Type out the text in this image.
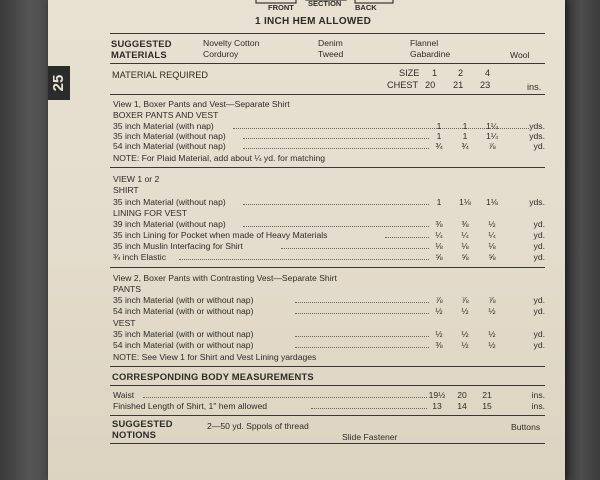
25
FRONT SECTION BACK
1 INCH HEM ALLOWED
SUGGESTED
MATERIALS
Novelty Cotton
Corduroy
Denim
Tweed
Flannel
Gabardine	Wool
MATERIAL REQUIRED	SIZE 1 2 4
CHEST 20 21 23	ins.
View 1, Boxer Pants and Vest—Separate Shirt
BOXER PANTS AND VEST
35 inch Material (with nap)	1	1	1¼	yds.
35 inch Material (without nap)	1	1	1¼	yds.
54 inch Material (without nap)	¾	¾	⅞	yd.
NOTE: For Plaid Material, add about ¼ yd. for matching
VIEW 1 or 2
SHIRT
35 inch Material (without nap)	1	1⅛	1⅛	yds.
LINING FOR VEST
39 inch Material (without nap)	⅜	⅜	½	yd.
35 inch Lining for Pocket when made of Heavy Materials	¼	¼	¼	yd.
35 inch Muslin Interfacing for Shirt	⅛	⅛	⅛	yd.
¾ inch Elastic	⅝	⅝	⅝	yd.
View 2, Boxer Pants with Contrasting Vest—Separate Shirt
PANTS
35 inch Material (with or without nap)	⅞	⅞	⅞	yd.
54 inch Material (with or without nap)	½	½	½	yd.
VEST
35 inch Material (with or without nap)	½	½	½	yd.
54 inch Material (with or without nap)	⅜	½	½	yd.
NOTE: See View 1 for Shirt and Vest Lining yardages
CORRESPONDING BODY MEASUREMENTS
Waist	19½	20	21	ins.
Finished Length of Shirt, 1" hem allowed	13	14	15	ins.
SUGGESTED
NOTIONS
2—50 yd. Sppols of thread	Buttons
Slide Fastener
